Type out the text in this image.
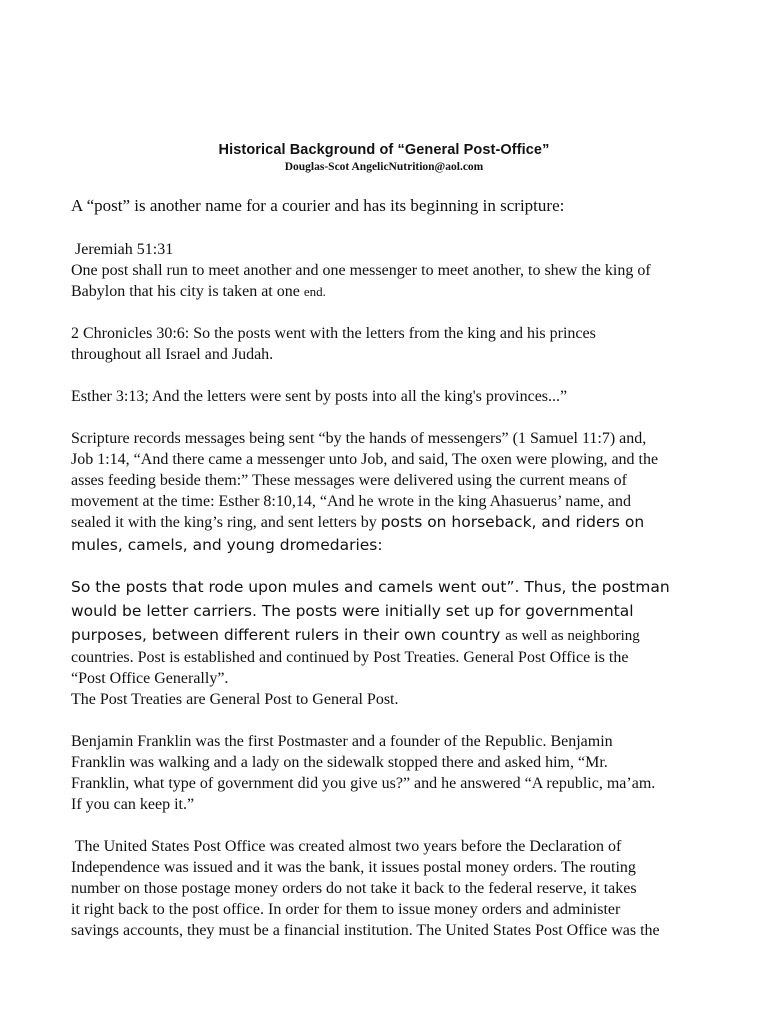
Historical Background of “General Post-Office”
Douglas-Scot AngelicNutrition@aol.com
A “post” is another name for a courier and has its beginning in scripture:
Jeremiah 51:31
One post shall run to meet another and one messenger to meet another, to shew the king of
Babylon that his city is taken at one end.
2 Chronicles 30:6: So the posts went with the letters from the king and his princes
throughout all Israel and Judah.
Esther 3:13; And the letters were sent by posts into all the king's provinces...”
Scripture records messages being sent “by the hands of messengers” (1 Samuel 11:7) and,
Job 1:14, “And there came a messenger unto Job, and said, The oxen were plowing, and the
asses feeding beside them:” These messages were delivered using the current means of
movement at the time: Esther 8:10,14, “And he wrote in the king Ahasuerus’ name, and
sealed it with the king’s ring, and sent letters by posts on horseback, and riders on
mules, camels, and young dromedaries:
So the posts that rode upon mules and camels went out”. Thus, the postman
would be letter carriers. The posts were initially set up for governmental
purposes, between different rulers in their own country as well as neighboring
countries. Post is established and continued by Post Treaties. General Post Office is the
“Post Office Generally”.
The Post Treaties are General Post to General Post.
Benjamin Franklin was the first Postmaster and a founder of the Republic. Benjamin
Franklin was walking and a lady on the sidewalk stopped there and asked him, “Mr.
Franklin, what type of government did you give us?” and he answered “A republic, ma’am.
If you can keep it.”
The United States Post Office was created almost two years before the Declaration of
Independence was issued and it was the bank, it issues postal money orders. The routing
number on those postage money orders do not take it back to the federal reserve, it takes
it right back to the post office. In order for them to issue money orders and administer
savings accounts, they must be a financial institution. The United States Post Office was the
